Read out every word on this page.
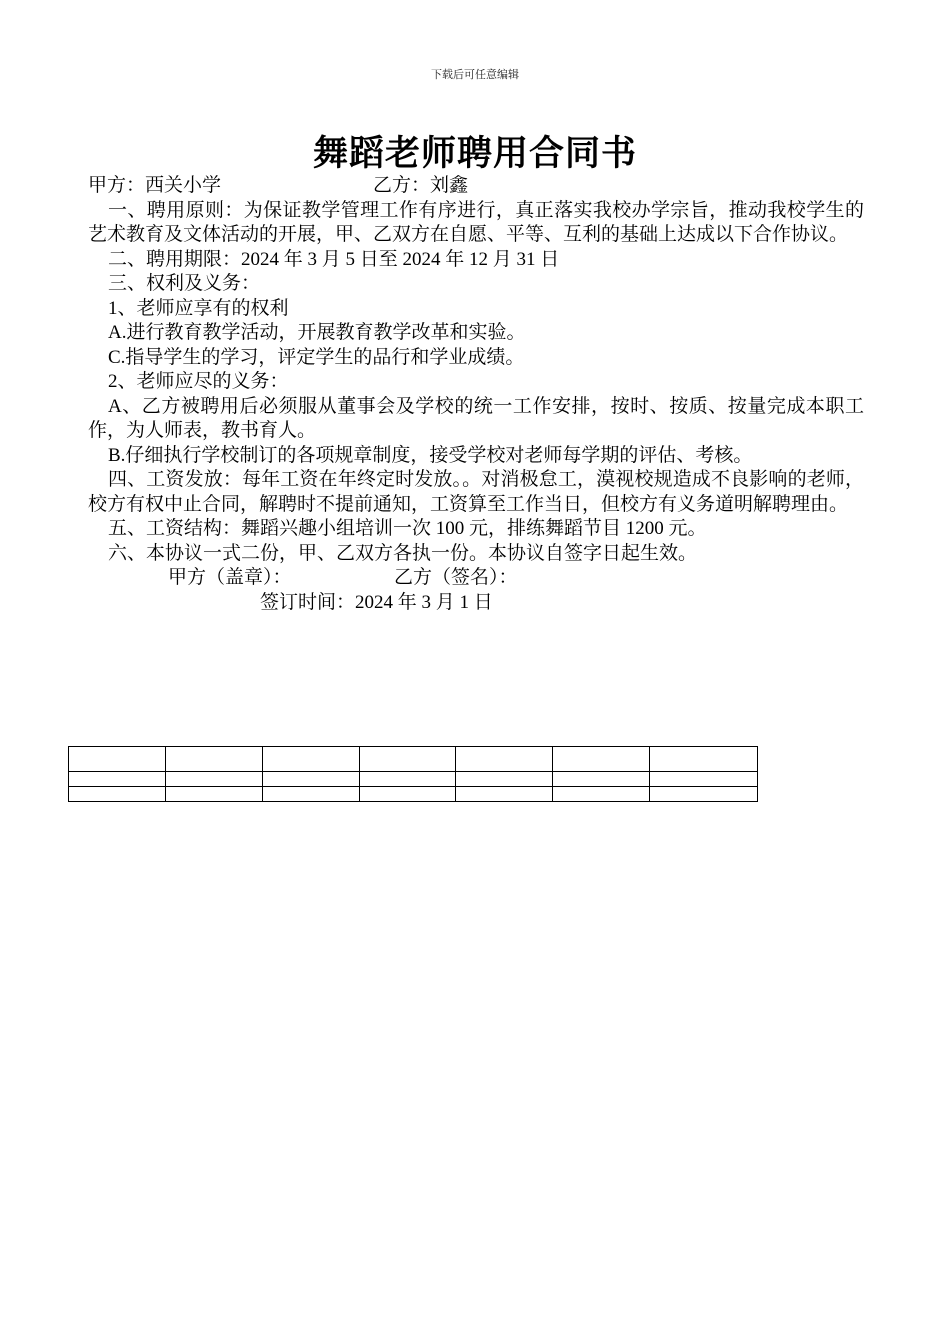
下载后可任意编辑
舞蹈老师聘用合同书

甲方：西关小学	乙方：刘鑫

一、聘用原则：为保证教学管理工作有序进行，真正落实我校办学宗旨，推动我校学生的艺术教育及文体活动的开展，甲、乙双方在自愿、平等、互利的基础上达成以下合作协议。

二、聘用期限：2024 年 3 月 5 日至 2024 年 12 月 31 日

三、权利及义务：

1、老师应享有的权利

A.进行教育教学活动，开展教育教学改革和实验。

C.指导学生的学习，评定学生的品行和学业成绩。

2、老师应尽的义务：

A、乙方被聘用后必须服从董事会及学校的统一工作安排，按时、按质、按量完成本职工作，为人师表，教书育人。

B.仔细执行学校制订的各项规章制度，接受学校对老师每学期的评估、考核。

四、工资发放：每年工资在年终定时发放。。对消极怠工，漠视校规造成不良影响的老师，校方有权中止合同，解聘时不提前通知，工资算至工作当日，但校方有义务道明解聘理由。

五、工资结构：舞蹈兴趣小组培训一次 100 元，排练舞蹈节目 1200 元。

六、本协议一式二份，甲、乙双方各执一份。本协议自签字日起生效。

甲方（盖章）：	乙方（签名）：

签订时间：2024 年 3 月 1 日
